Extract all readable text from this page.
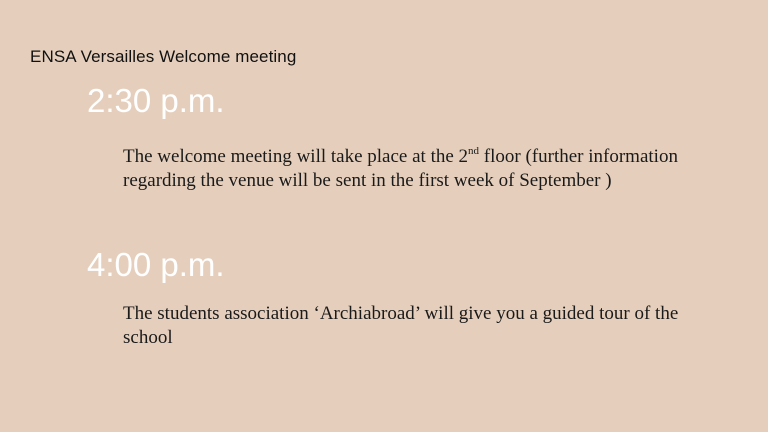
ENSA Versailles Welcome meeting
2:30 p.m.
The welcome meeting will take place at the 2nd floor (further information regarding the venue will be sent in the first week of September )
4:00 p.m.
The students association ‘Archiabroad’ will give you a guided tour of the school
